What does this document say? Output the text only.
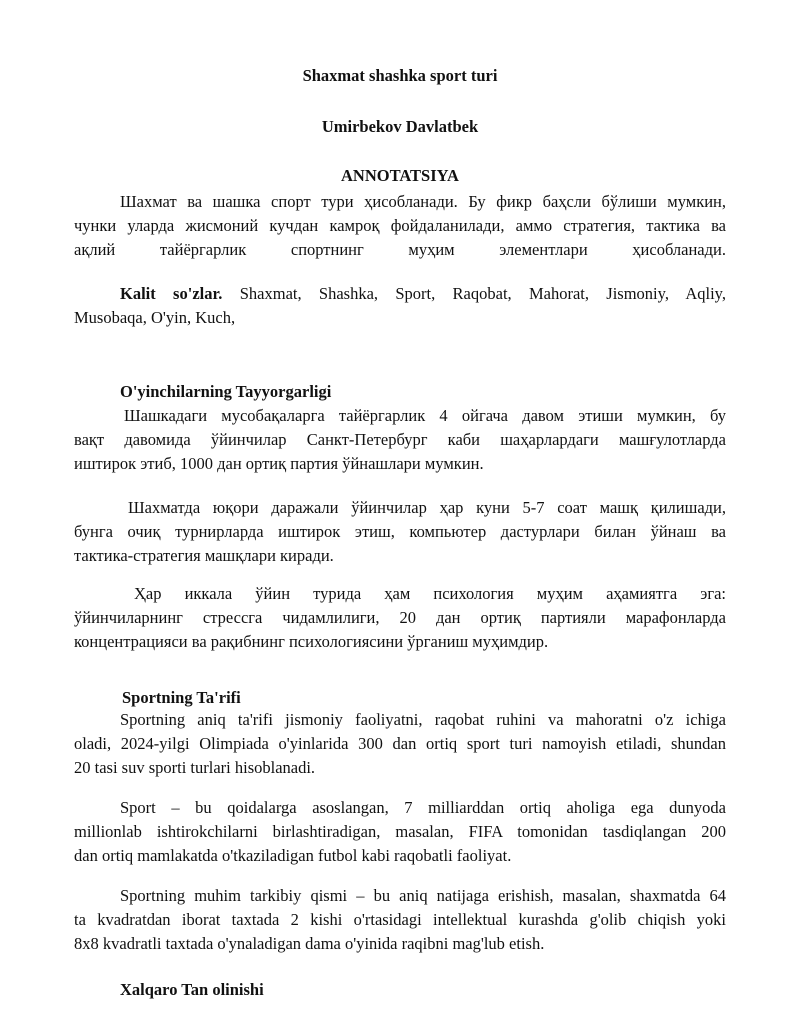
Shaxmat shashka sport turi
Umirbekov Davlatbek
ANNOTATSIYA
Шахмат ва шашка спорт тури ҳисобланади. Бу фикр баҳсли бўлиши мумкин,
чунки уларда жисмоний кучдан камроқ фойдаланилади, аммо стратегия, тактика ва
ақлий тайёргарлик спортнинг муҳим элементлари ҳисобланади.
Kalit so'zlar. Shaxmat, Shashka, Sport, Raqobat, Mahorat, Jismoniy, Aqliy,
Musobaqa, O'yin, Kuch,
O'yinchilarning Tayyorgarligi
Шашкадаги мусобақаларга тайёргарлик 4 ойгача давом этиши мумкин, бу
вақт давомида ўйинчилар Санкт-Петербург каби шаҳарлардаги машғулотларда
иштирок этиб, 1000 дан ортиқ партия ўйнашлари мумкин.
Шахматда юқори даражали ўйинчилар ҳар куни 5-7 соат машқ қилишади,
бунга очиқ турнирларда иштирок этиш, компьютер дастурлари билан ўйнаш ва
тактика-стратегия машқлари киради.
Ҳар иккала ўйин турида ҳам психология муҳим аҳамиятга эга:
ўйинчиларнинг стрессга чидамлилиги, 20 дан ортиқ партияли марафонларда
концентрацияси ва рақибнинг психологиясини ўрганиш муҳимдир.
Sportning Ta'rifi
Sportning aniq ta'rifi jismoniy faoliyatni, raqobat ruhini va mahoratni o'z ichiga
oladi, 2024-yilgi Olimpiada o'yinlarida 300 dan ortiq sport turi namoyish etiladi, shundan
20 tasi suv sporti turlari hisoblanadi.
Sport – bu qoidalarga asoslangan, 7 milliarddan ortiq aholiga ega dunyoda
millionlab ishtirokchilarni birlashtiradigan, masalan, FIFA tomonidan tasdiqlangan 200
dan ortiq mamlakatda o'tkaziladigan futbol kabi raqobatli faoliyat.
Sportning muhim tarkibiy qismi – bu aniq natijaga erishish, masalan, shaxmatda 64
ta kvadratdan iborat taxtada 2 kishi o'rtasidagi intellektual kurashda g'olib chiqish yoki
8x8 kvadratli taxtada o'ynaladigan dama o'yinida raqibni mag'lub etish.
Xalqaro Tan olinishi
